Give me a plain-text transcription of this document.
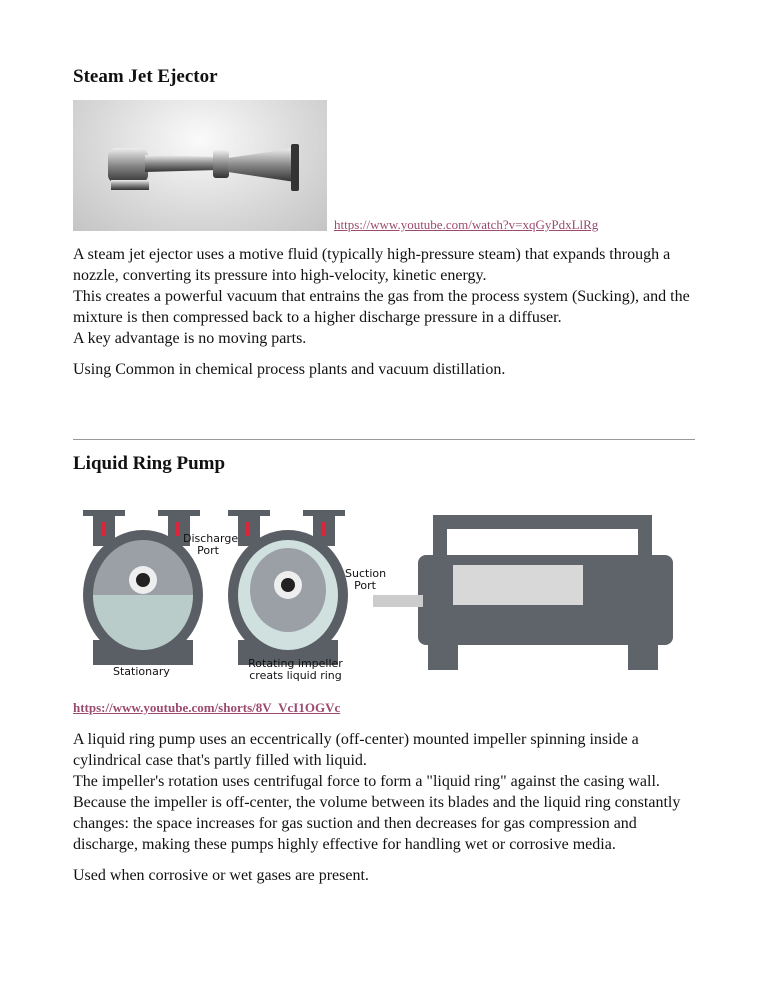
Steam Jet Ejector
https://www.youtube.com/watch?v=xqGyPdxLlRg

A steam jet ejector uses a motive fluid (typically high-pressure steam) that expands through a nozzle, converting its pressure into high-velocity, kinetic energy.

This creates a powerful vacuum that entrains the gas from the process system (Sucking), and the mixture is then compressed back to a higher discharge pressure in a diffuser.

A key advantage is no moving parts.

Using Common in chemical process plants and vacuum distillation.

Liquid Ring Pump
Discharge Port
Suction Port
Stationary
Rotating impeller creats liquid ring
https://www.youtube.com/shorts/8V_VcI1OGVc

A liquid ring pump uses an eccentrically (off-center) mounted impeller spinning inside a cylindrical case that's partly filled with liquid.

The impeller's rotation uses centrifugal force to form a "liquid ring" against the casing wall.

Because the impeller is off-center, the volume between its blades and the liquid ring constantly changes: the space increases for gas suction and then decreases for gas compression and discharge, making these pumps highly effective for handling wet or corrosive media.

Used when corrosive or wet gases are present.
